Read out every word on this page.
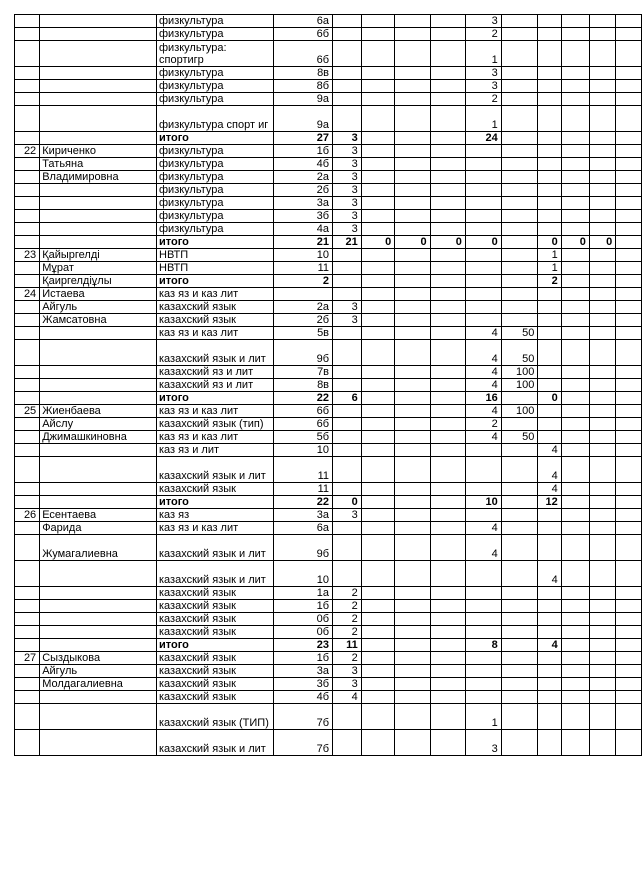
		физкультура	6а					3					
		физкультура	6б					2					
		физкультура: спортигр	6б					1					
		физкультура	8в					3					
		физкультура	8б					3					
		физкультура	9а					2					
		физкультура спорт иг	9а					1					
		итого	27	3				24					
22	Кириченко	физкультура	1б	3									
	Татьяна	физкультура	4б	3									
	Владимировна	физкультура	2а	3									
		физкультура	2б	3									
		физкультура	3а	3									
		физкультура	3б	3									
		физкультура	4а	3									
		итого	21	21	0	0	0	0		0	0	0	
23	Қайыргелді	НВТП	10							1			
	Мұрат	НВТП	11							1			
	Қаиргелдіұлы	итого	2							2			
24	Истаева	каз яз и каз лит											
	Айгуль	казахский язык	2а	3									
	Жамсатовна	казахский язык	2б	3									
		каз яз и каз лит	5в					4	50				
		казахский язык и лит	9б					4	50				
		казахский яз и лит	7в					4	100				
		казахский яз и лит	8в					4	100				
		итого	22	6				16		0			
25	Жиенбаева	каз яз и каз лит	6б					4	100				
	Айслу	казахский язык (тип)	6б					2					
	Джимашкиновна	каз яз и каз лит	5б					4	50				
		каз яз и лит	10							4			
		казахский язык и лит	11							4			
		казахский язык	11							4			
		итого	22	0				10		12			
26	Есентаева	каз яз	3а	3									
	Фарида	каз яз и каз лит	6а					4					
	Жумагалиевна	казахский язык и лит	9б					4					
		казахский язык и лит	10							4			
		казахский язык	1а	2									
		казахский язык	1б	2									
		казахский язык	0б	2									
		казахский язык	0б	2									
		итого	23	11				8		4			
27	Сыздыкова	казахский язык	1б	2									
	Айгуль	казахский язык	3а	3									
	Молдагалиевна	казахский язык	3б	3									
		казахский язык	4б	4									
		казахский язык (ТИП)	7б					1					
		казахский язык и лит	7б					3					
